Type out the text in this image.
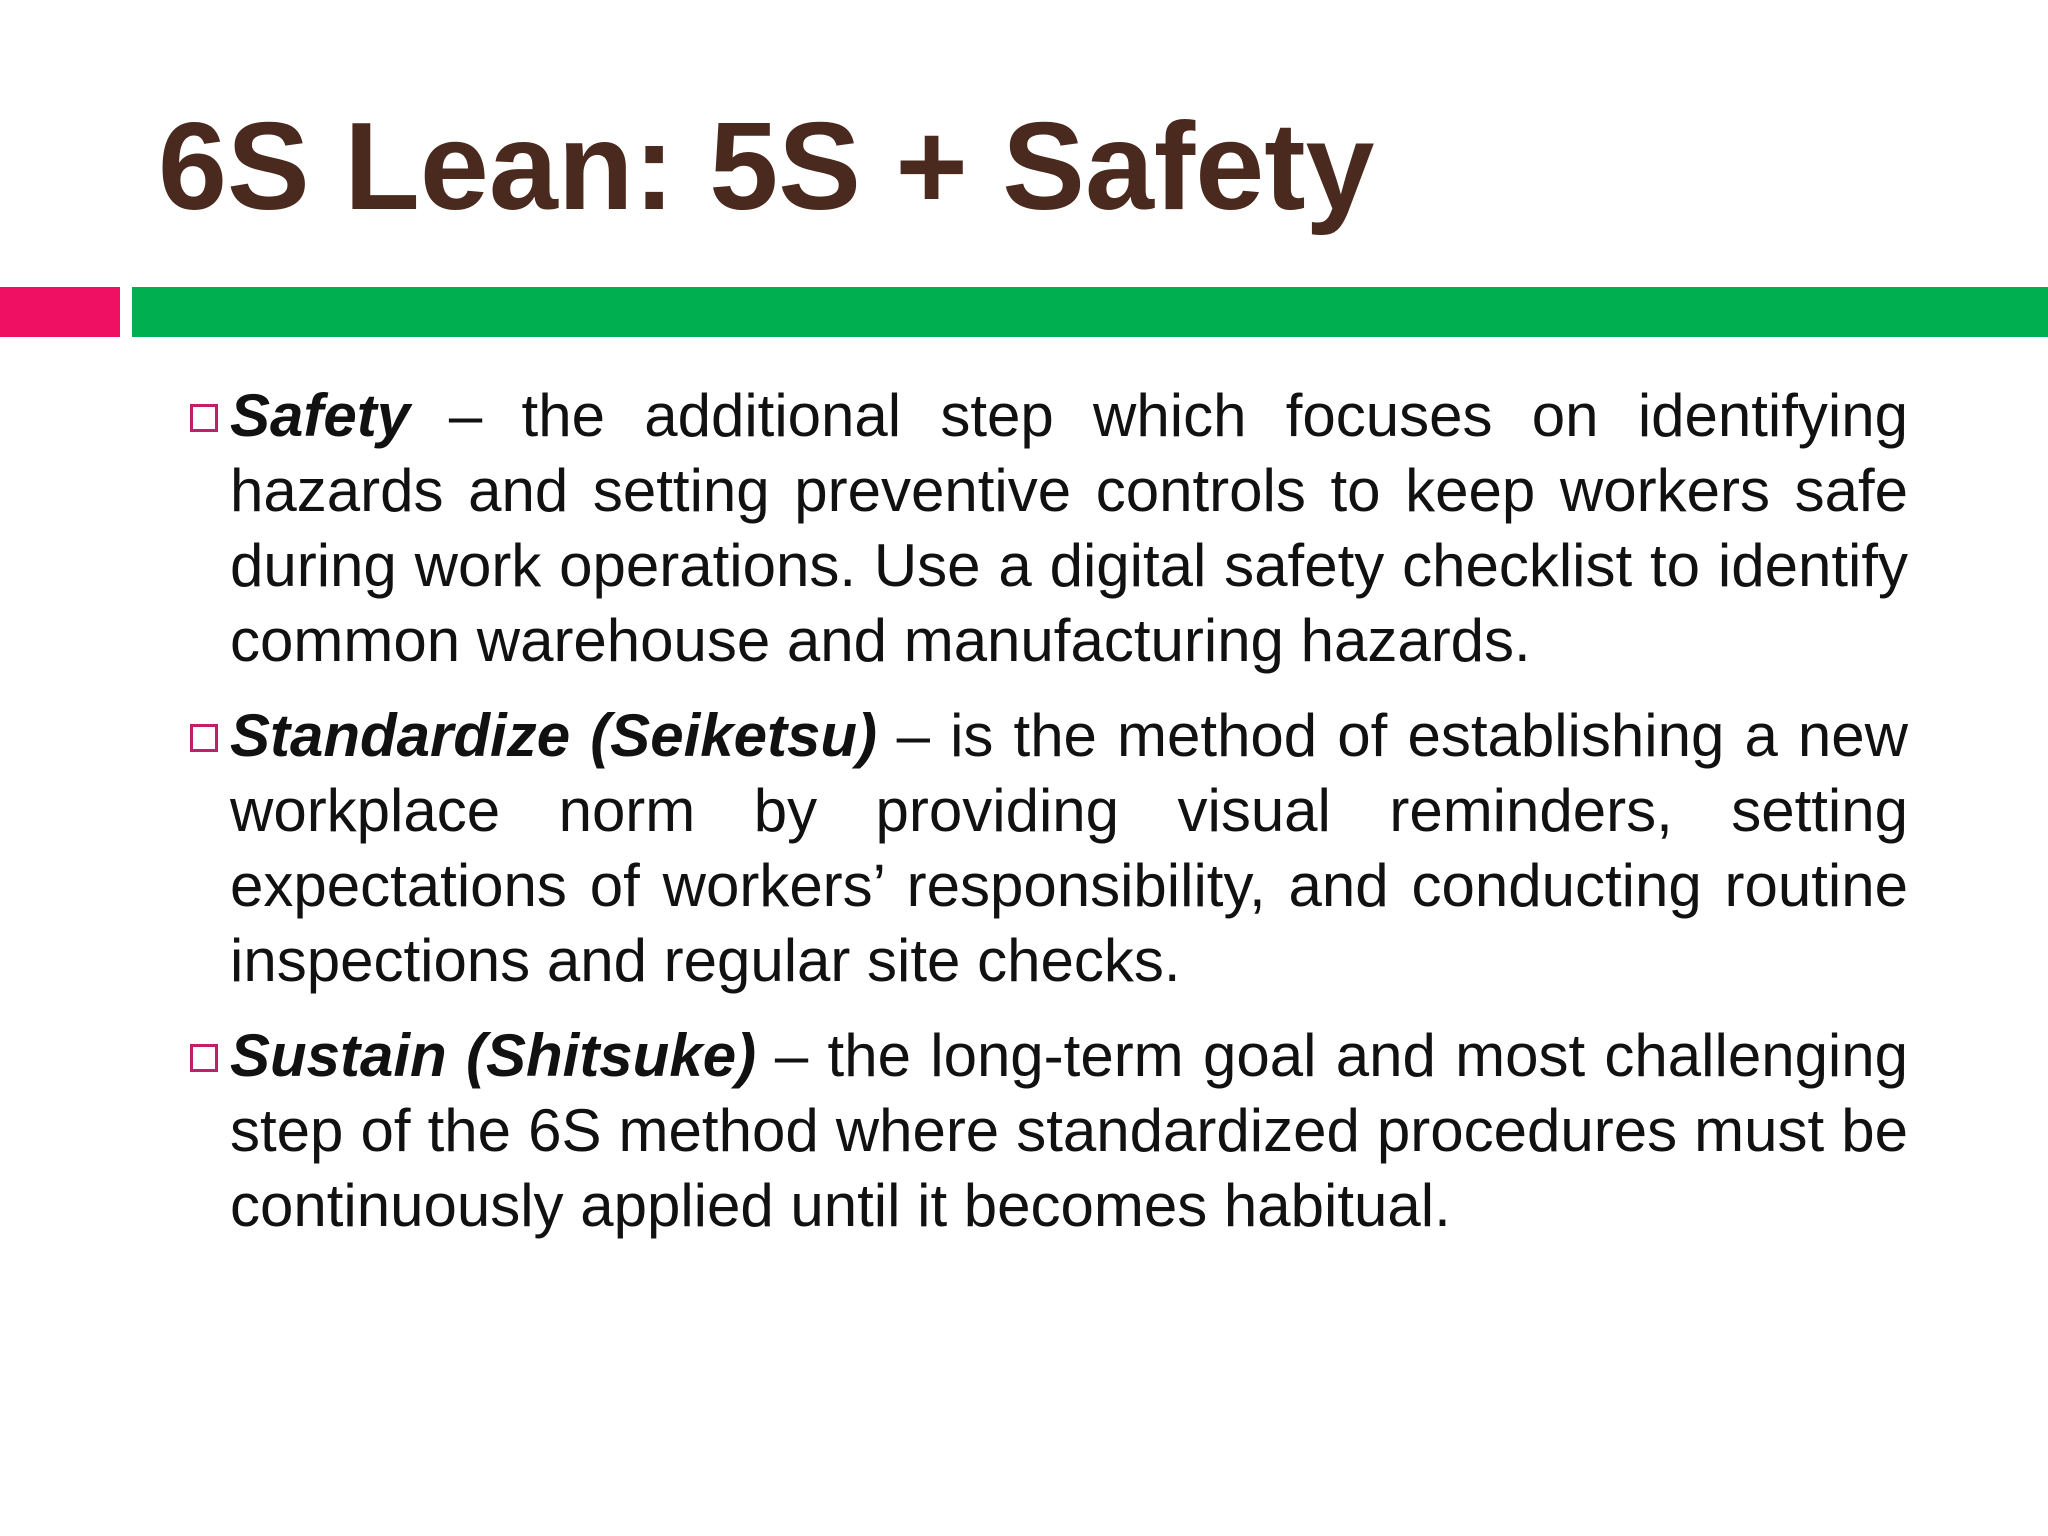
6S Lean: 5S + Safety
Safety – the additional step which focuses on identifying hazards and setting preventive controls to keep workers safe during work operations. Use a digital safety checklist to identify common warehouse and manufacturing hazards.
Standardize (Seiketsu) – is the method of establishing a new workplace norm by providing visual reminders, setting expectations of workers’ responsibility, and conducting routine inspections and regular site checks.
Sustain (Shitsuke) – the long-term goal and most challenging step of the 6S method where standardized procedures must be continuously applied until it becomes habitual.
